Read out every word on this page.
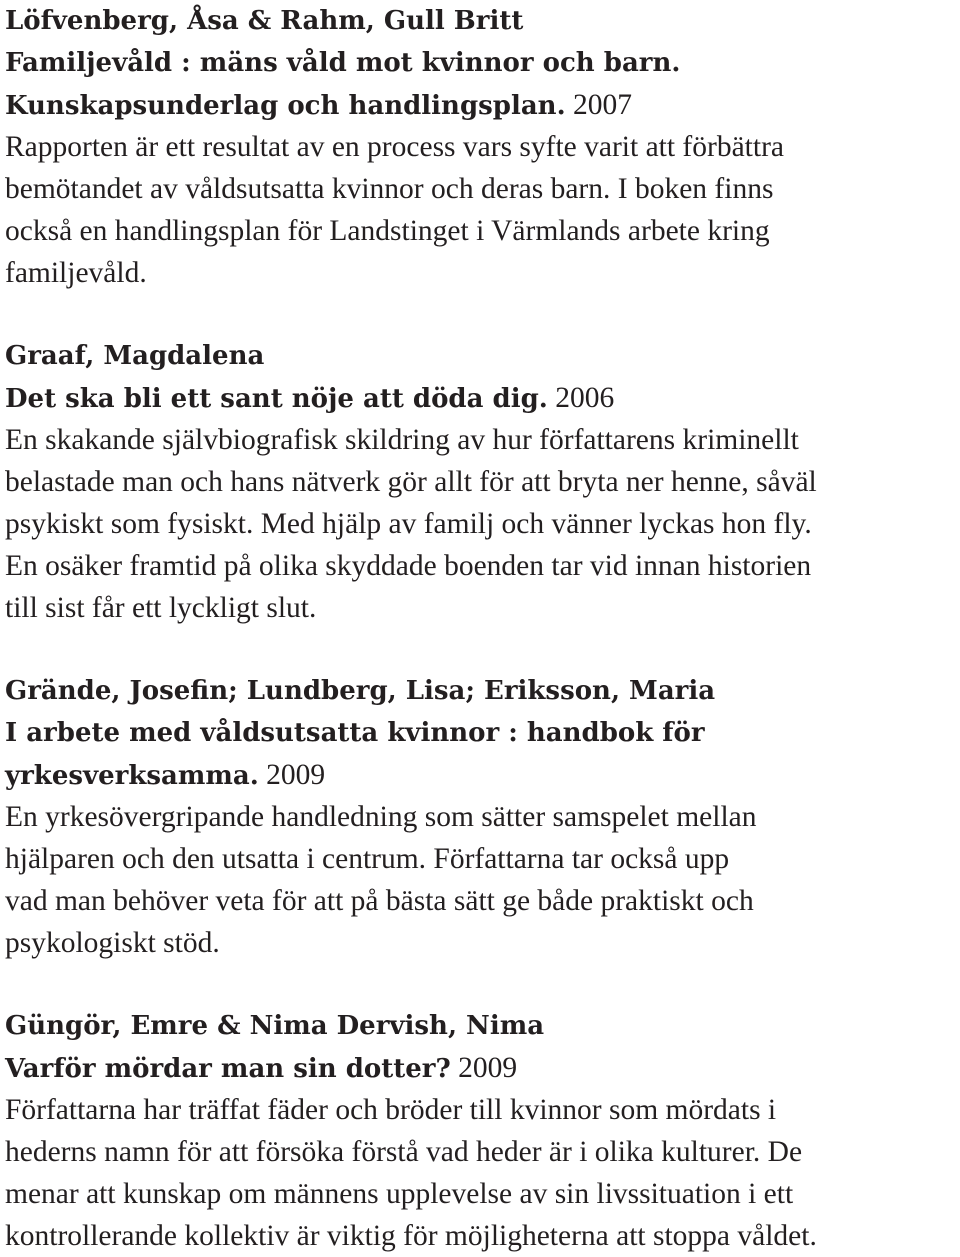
Löfvenberg, Åsa & Rahm, Gull Britt
Familjevåld : mäns våld mot kvinnor och barn.
Kunskapsunderlag och handlingsplan. 2007
Rapporten är ett resultat av en process vars syfte varit att förbättra
bemötandet av våldsutsatta kvinnor och deras barn. I boken finns
också en handlingsplan för Landstinget i Värmlands arbete kring
familjevåld.
Graaf, Magdalena
Det ska bli ett sant nöje att döda dig. 2006
En skakande självbiografisk skildring av hur författarens kriminellt
belastade man och hans nätverk gör allt för att bryta ner henne, såväl
psykiskt som fysiskt. Med hjälp av familj och vänner lyckas hon fly.
En osäker framtid på olika skyddade boenden tar vid innan historien
till sist får ett lyckligt slut.
Grände, Josefin; Lundberg, Lisa; Eriksson, Maria
I arbete med våldsutsatta kvinnor : handbok för
yrkesverksamma. 2009
En yrkesövergripande handledning som sätter samspelet mellan
hjälparen och den utsatta i centrum. Författarna tar också upp
vad man behöver veta för att på bästa sätt ge både praktiskt och
psykologiskt stöd.
Güngör, Emre & Nima Dervish, Nima
Varför mördar man sin dotter? 2009
Författarna har träffat fäder och bröder till kvinnor som mördats i
hederns namn för att försöka förstå vad heder är i olika kulturer. De
menar att kunskap om männens upplevelse av sin livssituation i ett
kontrollerande kollektiv är viktig för möjligheterna att stoppa våldet.
